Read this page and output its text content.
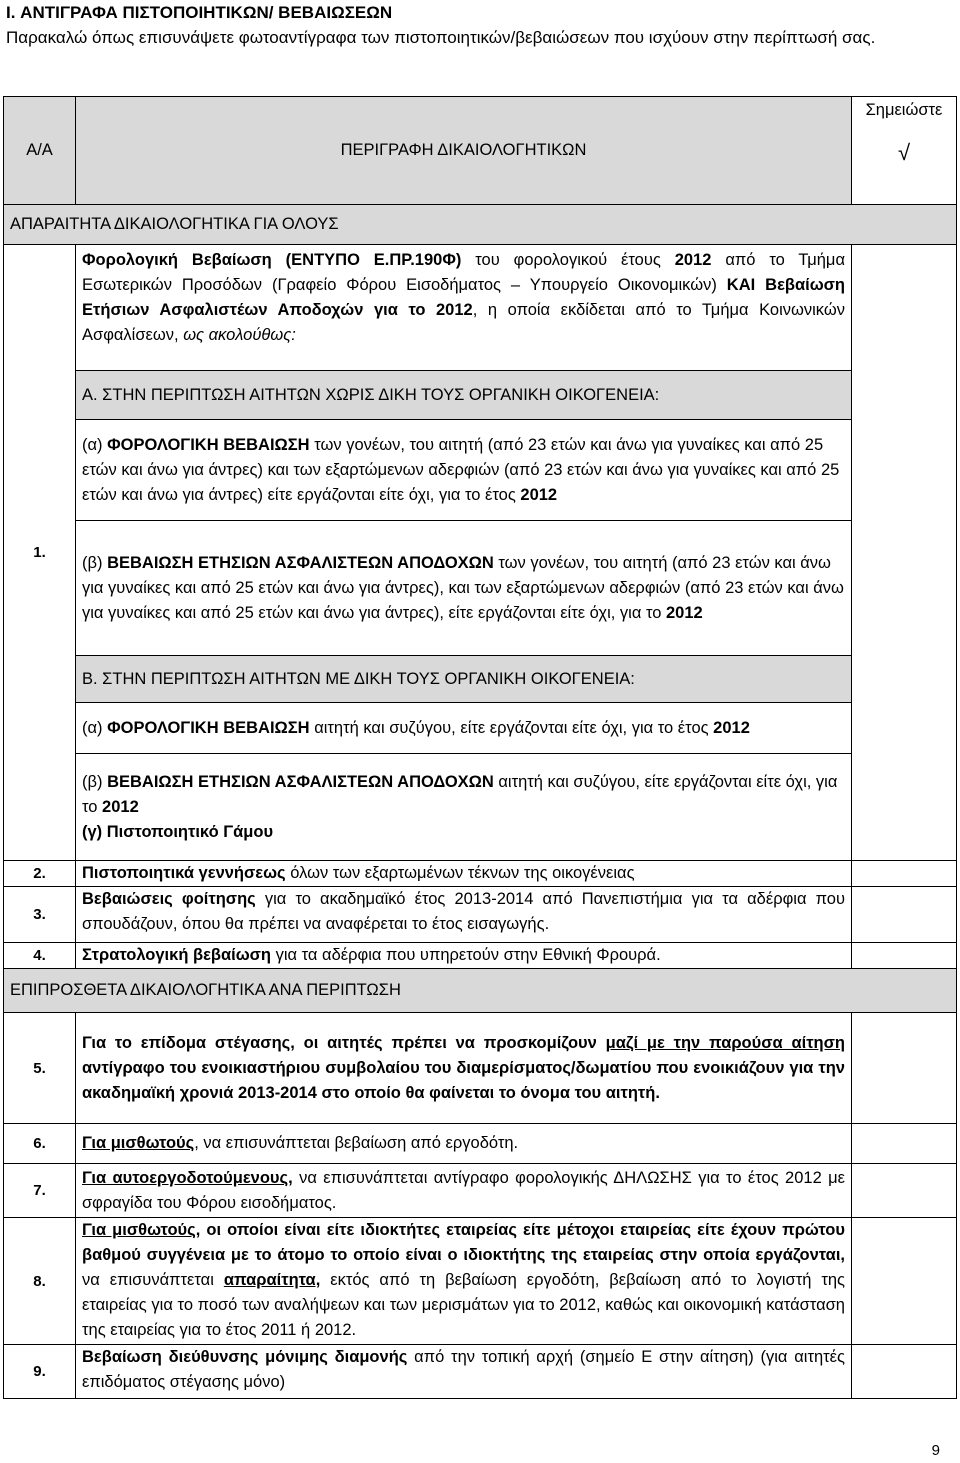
I. ΑΝΤΙΓΡΑΦΑ ΠΙΣΤΟΠΟΙΗΤΙΚΩΝ/ ΒΕΒΑΙΩΣΕΩΝ
Παρακαλώ όπως επισυνάψετε φωτοαντίγραφα των πιστοποιητικών/βεβαιώσεων που ισχύουν στην περίπτωσή σας.
Α/Α	ΠΕΡΙΓΡΑΦΗ ΔΙΚΑΙΟΛΟΓΗΤΙΚΩΝ	Σημειώστε
√

ΑΠΑΡΑΙΤΗΤΑ ΔΙΚΑΙΟΛΟΓΗΤΙΚΑ ΓΙΑ ΟΛΟΥΣ		
1.	Φορολογική Βεβαίωση (ΕΝΤΥΠΟ Ε.ΠΡ.190Φ) του φορολογικού έτους 2012 από το Τμήμα Εσωτερικών Προσόδων (Γραφείο Φόρου Εισοδήματος – Υπουργείο Οικονομικών) ΚΑΙ Βεβαίωση Ετήσιων Ασφαλιστέων Αποδοχών για το 2012, η οποία εκδίδεται από το Τμήμα Κοινωνικών Ασφαλίσεων, ως ακολούθως:	
	Α. ΣΤΗΝ ΠΕΡΙΠΤΩΣΗ ΑΙΤΗΤΩΝ ΧΩΡΙΣ ΔΙΚΗ ΤΟΥΣ ΟΡΓΑΝΙΚΗ ΟΙΚΟΓΕΝΕΙΑ:	
	(α) ΦΟΡΟΛΟΓΙΚΗ ΒΕΒΑΙΩΣΗ των γονέων, του αιτητή (από 23 ετών και άνω για γυναίκες και από 25 ετών και άνω για άντρες) και των εξαρτώμενων αδερφιών (από 23 ετών και άνω για γυναίκες και από 25 ετών και άνω για άντρες) είτε εργάζονται είτε όχι, για το έτος 2012	
	(β) ΒΕΒΑΙΩΣΗ ΕΤΗΣΙΩΝ ΑΣΦΑΛΙΣΤΕΩΝ ΑΠΟΔΟΧΩΝ των γονέων, του αιτητή (από 23 ετών και άνω για γυναίκες και από 25 ετών και άνω για άντρες), και των εξαρτώμενων αδερφιών (από 23 ετών και άνω για γυναίκες και από 25 ετών και άνω για άντρες), είτε εργάζονται είτε όχι, για το 2012	
	Β. ΣΤΗΝ ΠΕΡΙΠΤΩΣΗ ΑΙΤΗΤΩΝ ΜΕ ΔΙΚΗ ΤΟΥΣ ΟΡΓΑΝΙΚΗ ΟΙΚΟΓΕΝΕΙΑ:	
	(α) ΦΟΡΟΛΟΓΙΚΗ ΒΕΒΑΙΩΣΗ αιτητή και συζύγου, είτε εργάζονται είτε όχι, για το έτος 2012	
	(β) ΒΕΒΑΙΩΣΗ ΕΤΗΣΙΩΝ ΑΣΦΑΛΙΣΤΕΩΝ ΑΠΟΔΟΧΩΝ αιτητή και συζύγου, είτε εργάζονται είτε όχι, για το 2012
(γ) Πιστοποιητικό Γάμου	
2.	Πιστοποιητικά γεννήσεως όλων των εξαρτωμένων τέκνων της οικογένειας	
3.	Βεβαιώσεις φοίτησης για το ακαδημαϊκό έτος 2013-2014 από Πανεπιστήμια για τα αδέρφια που σπουδάζουν, όπου θα πρέπει να αναφέρεται το έτος εισαγωγής.	
4.	Στρατολογική βεβαίωση για τα αδέρφια που υπηρετούν στην Εθνική Φρουρά.	
ΕΠΙΠΡΟΣΘΕΤΑ ΔΙΚΑΙΟΛΟΓΗΤΙΚΑ ΑΝΑ ΠΕΡΙΠΤΩΣΗ		
5.	Για το επίδομα στέγασης, οι αιτητές πρέπει να προσκομίζουν μαζί με την παρούσα αίτηση αντίγραφο του ενοικιαστήριου συμβολαίου του διαμερίσματος/δωματίου που ενοικιάζουν για την ακαδημαϊκή χρονιά 2013-2014 στο οποίο θα φαίνεται το όνομα του αιτητή.	
6.	Για μισθωτούς, να επισυνάπτεται βεβαίωση από εργοδότη.	
7.	Για αυτοεργοδοτούμενους, να επισυνάπτεται αντίγραφο φορολογικής ΔΗΛΩΣΗΣ για το έτος 2012 με σφραγίδα του Φόρου εισοδήματος.	
8.	Για μισθωτούς, οι οποίοι είναι είτε ιδιοκτήτες εταιρείας είτε μέτοχοι εταιρείας είτε έχουν πρώτου βαθμού συγγένεια με το άτομο το οποίο είναι ο ιδιοκτήτης της εταιρείας στην οποία εργάζονται, να επισυνάπτεται απαραίτητα, εκτός από τη βεβαίωση εργοδότη, βεβαίωση από το λογιστή της εταιρείας για το ποσό των αναλήψεων και των μερισμάτων για το 2012, καθώς και οικονομική κατάσταση της εταιρείας για το έτος 2011 ή 2012.	
9.	Βεβαίωση διεύθυνσης μόνιμης διαμονής από την τοπική αρχή (σημείο Ε στην αίτηση) (για αιτητές επιδόματος στέγασης μόνο)	
9
